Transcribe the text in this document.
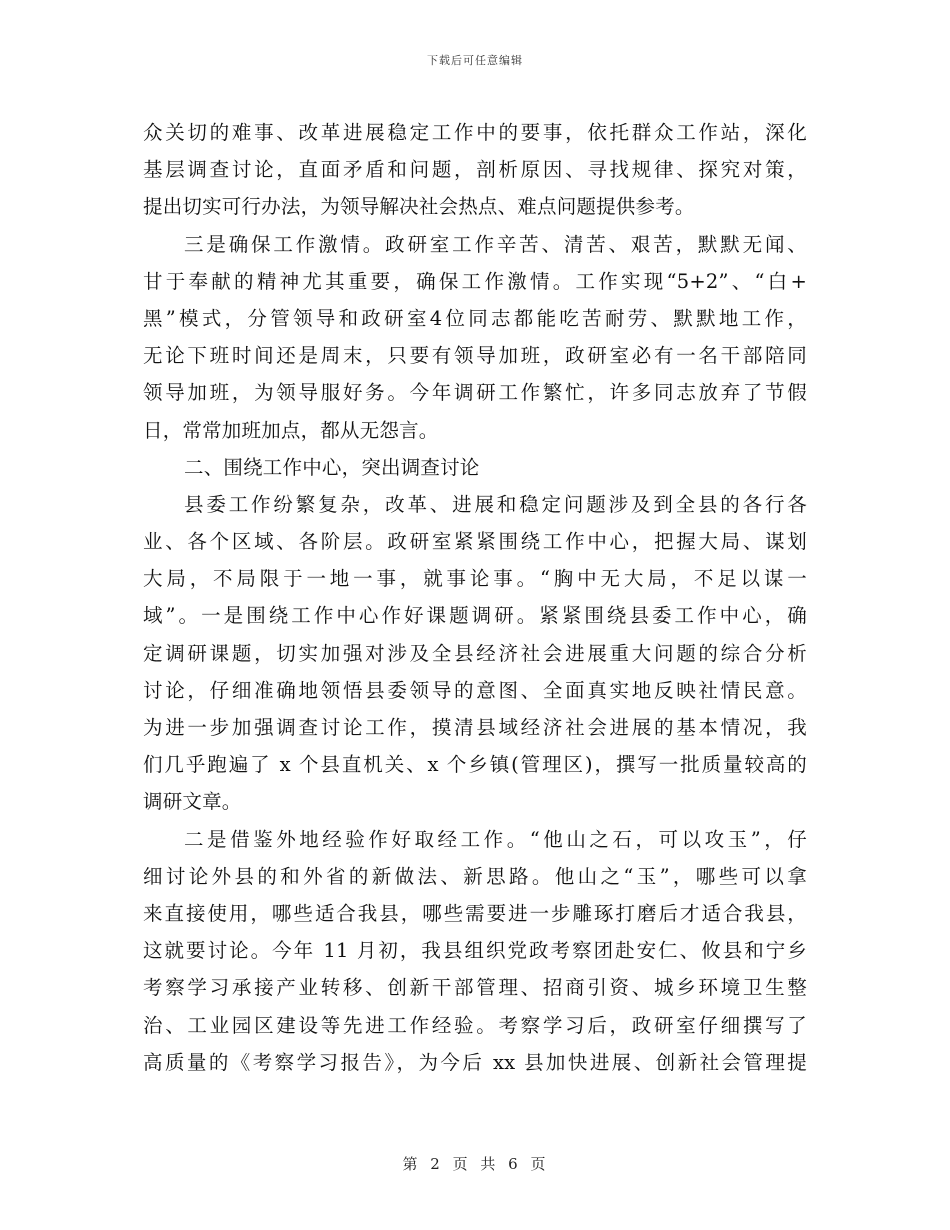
下载后可任意编辑
众关切的难事、改革进展稳定工作中的要事，依托群众工作站，深化
基层调查讨论，直面矛盾和问题，剖析原因、寻找规律、探究对策，
提出切实可行办法，为领导解决社会热点、难点问题提供参考。
三是确保工作激情。政研室工作辛苦、清苦、艰苦，默默无闻、
甘于奉献的精神尤其重要，确保工作激情。工作实现“5+2”、“白+
黑”模式，分管领导和政研室4位同志都能吃苦耐劳、默默地工作，
无论下班时间还是周末，只要有领导加班，政研室必有一名干部陪同
领导加班，为领导服好务。今年调研工作繁忙，许多同志放弃了节假
日，常常加班加点，都从无怨言。
二、围绕工作中心，突出调查讨论
县委工作纷繁复杂，改革、进展和稳定问题涉及到全县的各行各
业、各个区域、各阶层。政研室紧紧围绕工作中心，把握大局、谋划
大局，不局限于一地一事，就事论事。“胸中无大局，不足以谋一
域”。一是围绕工作中心作好课题调研。紧紧围绕县委工作中心，确
定调研课题，切实加强对涉及全县经济社会进展重大问题的综合分析
讨论，仔细准确地领悟县委领导的意图、全面真实地反映社情民意。
为进一步加强调查讨论工作，摸清县域经济社会进展的基本情况，我
们几乎跑遍了 x 个县直机关、x 个乡镇(管理区)，撰写一批质量较高的
调研文章。
二是借鉴外地经验作好取经工作。“他山之石，可以攻玉”，仔
细讨论外县的和外省的新做法、新思路。他山之“玉”，哪些可以拿
来直接使用，哪些适合我县，哪些需要进一步雕琢打磨后才适合我县，
这就要讨论。今年 11 月初，我县组织党政考察团赴安仁、攸县和宁乡
考察学习承接产业转移、创新干部管理、招商引资、城乡环境卫生整
治、工业园区建设等先进工作经验。考察学习后，政研室仔细撰写了
高质量的《考察学习报告》，为今后 xx 县加快进展、创新社会管理提
第 2 页 共 6 页
